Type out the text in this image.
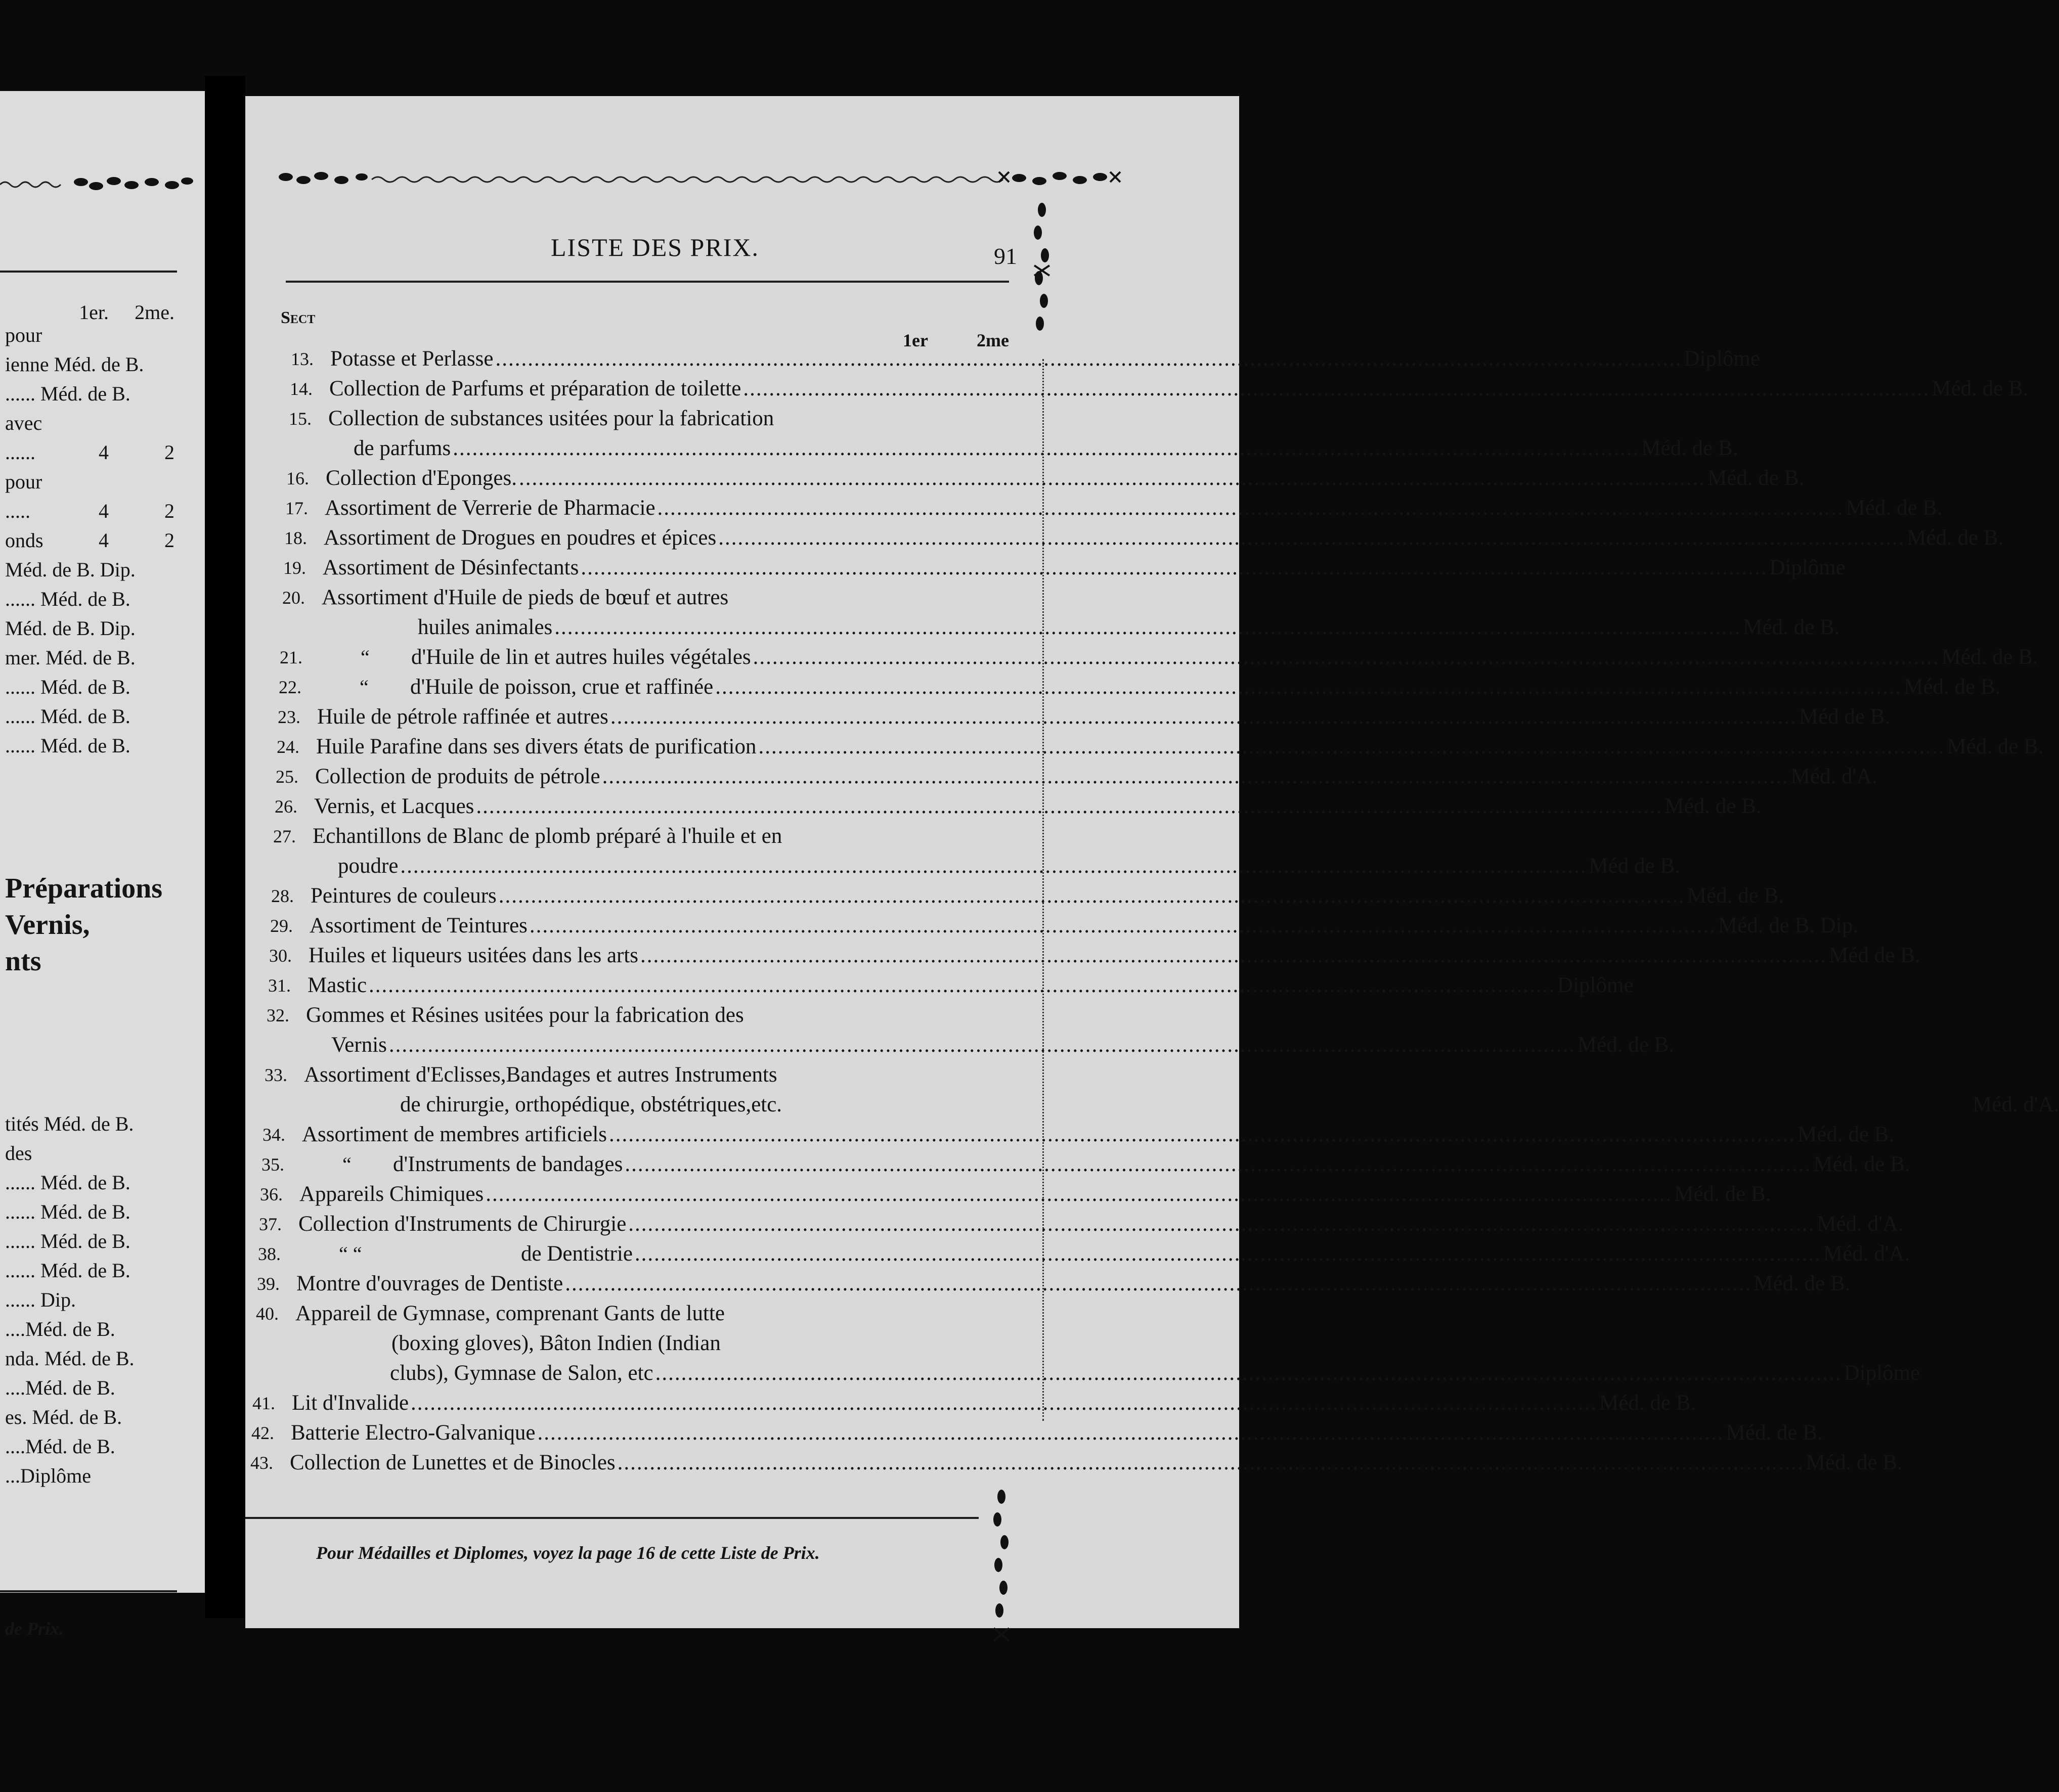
1er. 2me.
pour
ienne Méd. de B.
...... Méd. de B.
avec
......	4	2
pour
.....	4	2
onds	4	2
Méd. de B. Dip.
...... Méd. de B.
Méd. de B. Dip.
mer. Méd. de B.
...... Méd. de B.
...... Méd. de B.
...... Méd. de B.
Préparations
Vernis,
nts
tités Méd. de B.
des
...... Méd. de B.
...... Méd. de B.
...... Méd. de B.
...... Méd. de B.
...... Dip.
....Méd. de B.
nda. Méd. de B.
....Méd. de B.
es. Méd. de B.
....Méd. de B.
...Diplôme
de Prix.
LISTE DES PRIX.	91
Sect
1er	2me
13. Potasse et Perlasse .....	Diplôme
14. Collection de Parfums et préparation de toilette .....	Méd. de B.
15. Collection de substances usitées pour la fabrication
de parfums .....	Méd. de B.
16. Collection d'Eponges. .....	Méd. de B.
17. Assortiment de Verrerie de Pharmacie .....	Méd. de B.
18. Assortiment de Drogues en poudres et épices .....	Méd. de B.
19. Assortiment de Désinfectants .....	Diplôme
20. Assortiment d'Huile de pieds de bœuf et autres
huiles animales .....	Méd. de B.
21.	“ d'Huile de lin et autres huiles végétales .....	Méd. de B.
22.	“ d'Huile de poisson, crue et raffinée .....	Méd. de B.
23. Huile de pétrole raffinée et autres .....	Méd de B.
24. Huile Parafine dans ses divers états de purification .....	Méd. de B.
25. Collection de produits de pétrole .....	Méd. d'A.
26. Vernis, et Lacques .....	Méd. de B.
27. Echantillons de Blanc de plomb préparé à l'huile et en
poudre .....	Méd de B.
28. Peintures de couleurs .....	Méd. de B.
29. Assortiment de Teintures .....	Méd. de B. Dip.
30. Huiles et liqueurs usitées dans les arts .....	Méd de B.
31. Mastic .....	Diplôme
32. Gommes et Résines usitées pour la fabrication des
Vernis .....	Méd. de B.
33. Assortiment d'Eclisses,Bandages et autres Instruments
de chirurgie, orthopédique, obstétriques,etc.	Méd. d'A.
34. Assortiment de membres artificiels .....	Méd. de B.
35.	“ d'Instruments de bandages .....	Méd. de B.
36. Appareils Chimiques .....	Méd. de B.
37. Collection d'Instruments de Chirurgie .....	Méd. d'A.
38.	“ “	de Dentistrie .....	Méd. d'A.
39. Montre d'ouvrages de Dentiste .....	Méd. de B.
40. Appareil de Gymnase, comprenant Gants de lutte
(boxing gloves), Bâton Indien (Indian
clubs), Gymnase de Salon, etc .....	Diplôme
41. Lit d'Invalide .....	Méd. de B.
42. Batterie Electro-Galvanique .....	Méd. de B.
43. Collection de Lunettes et de Binocles .....	Méd. de B.
Pour Médailles et Diplomes, voyez la page 16 de cette Liste de Prix.
